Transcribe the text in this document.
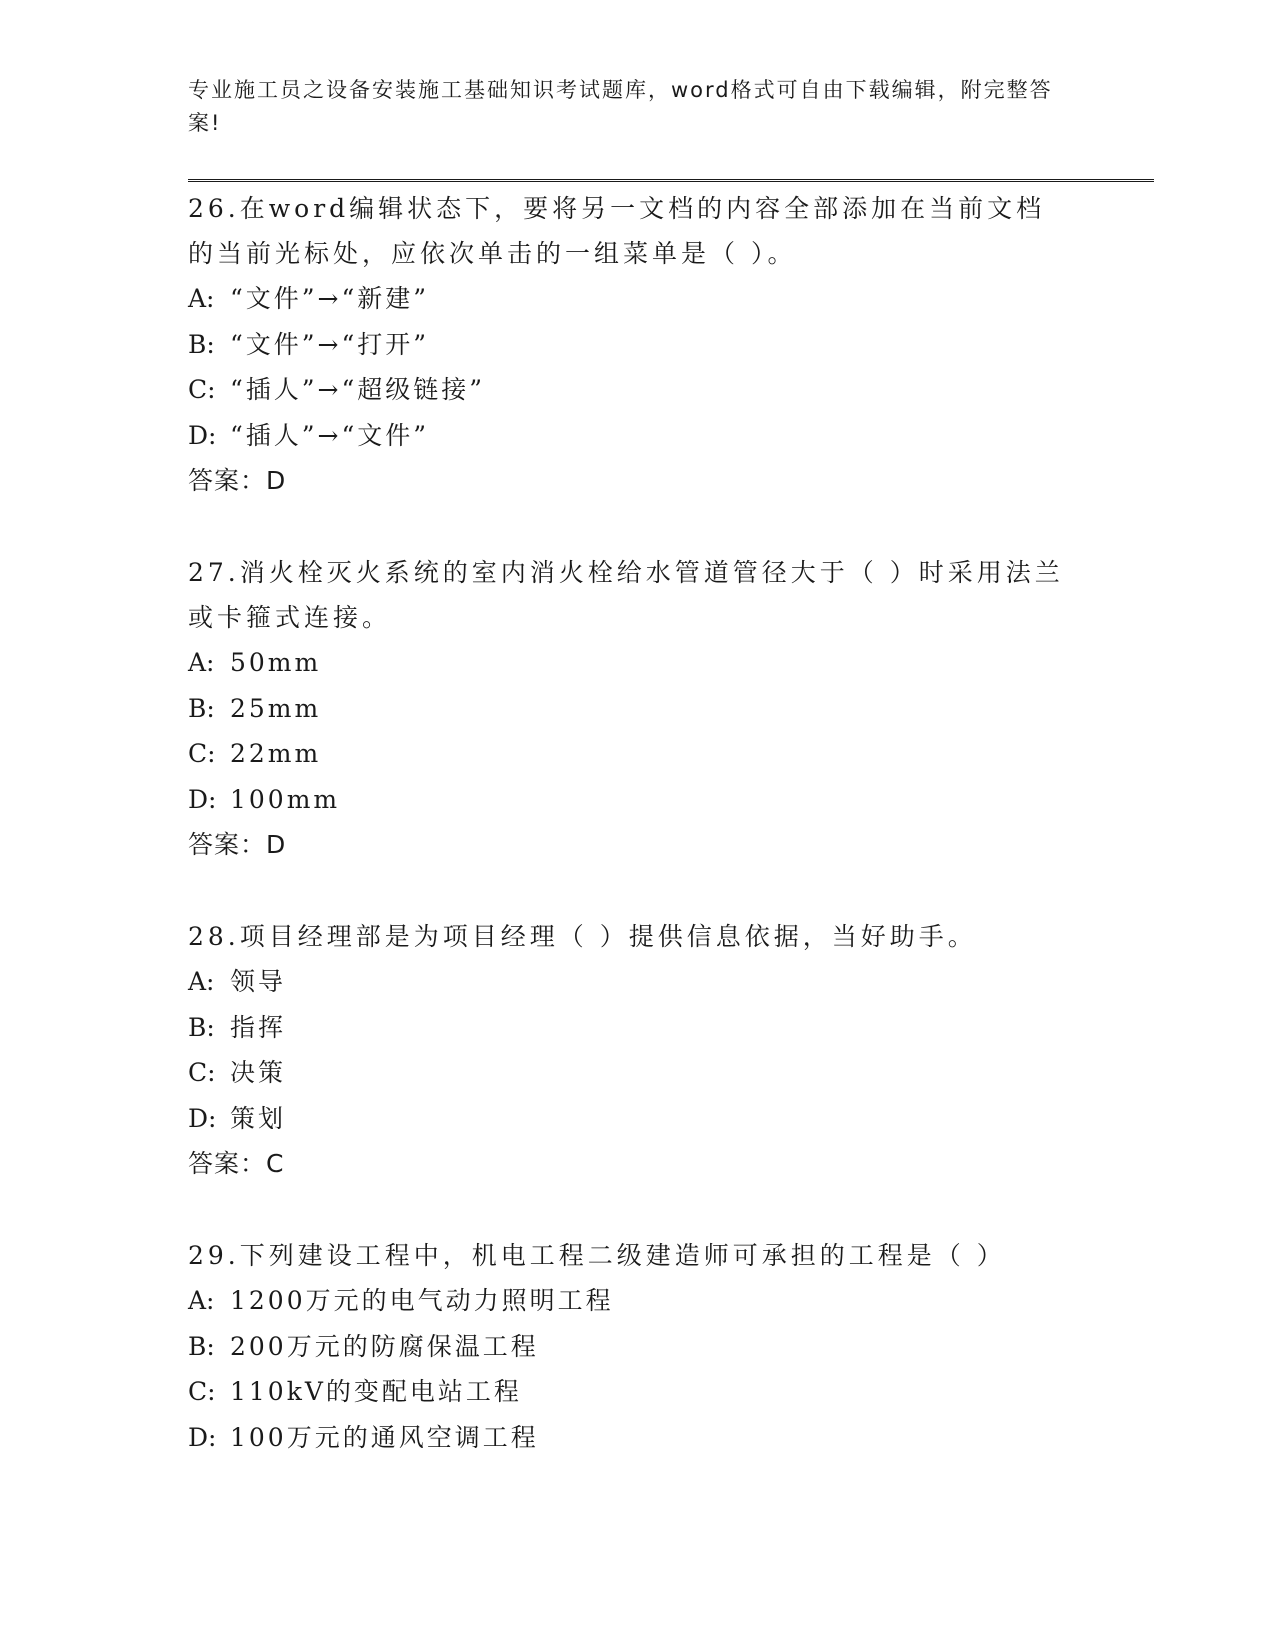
专业施工员之设备安装施工基础知识考试题库，word格式可自由下载编辑，附完整答案!

26.在word编辑状态下，要将另一文档的内容全部添加在当前文档的当前光标处，应依次单击的一组菜单是（ ）。

A: “文件”→“新建”
B: “文件”→“打开”
C: “插人”→“超级链接”
D: “插人”→“文件”
答案：D

27.消火栓灭火系统的室内消火栓给水管道管径大于（ ）时采用法兰或卡箍式连接。

A: 50mm
B: 25mm
C: 22mm
D: 100mm
答案：D

28.项目经理部是为项目经理（ ）提供信息依据，当好助手。

A: 领导
B: 指挥
C: 决策
D: 策划
答案：C

29.下列建设工程中，机电工程二级建造师可承担的工程是（ ）

A: 1200万元的电气动力照明工程
B: 200万元的防腐保温工程
C: 110kV的变配电站工程
D: 100万元的通风空调工程
